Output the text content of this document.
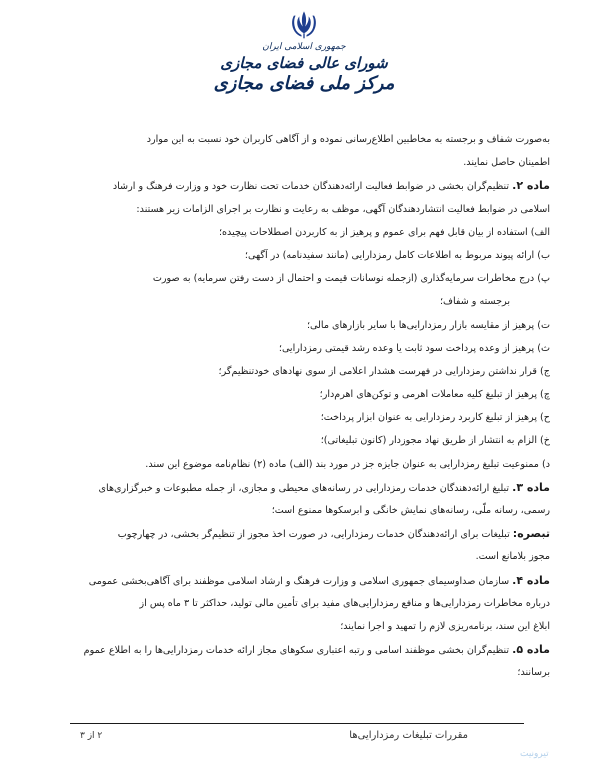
جمهوری اسلامی ایران
شورای عالی فضای مجازی
مرکز ملی فضای مجازی
به‌صورت شفاف و برجسته به مخاطبین اطلاع‌رسانی نموده و از آگاهی کاربران خود نسبت به این موارد
اطمینان حاصل نمایند.
ماده ۲. تنظیم‌گران بخشی در ضوابط فعالیت ارائه‌دهندگان خدمات تحت نظارت خود و وزارت فرهنگ و ارشاد
اسلامی در ضوابط فعالیت انتشاردهندگان آگهی، موظف به رعایت و نظارت بر اجرای الزامات زیر هستند:
الف) استفاده از بیان قابل فهم برای عموم و پرهیز از به کاربردن اصطلاحات پیچیده؛
ب) ارائه پیوند مربوط به اطلاعات کامل رمزدارایی (مانند سفیدنامه) در آگهی؛
پ) درج مخاطرات سرمایه‌گذاری (ازجمله نوسانات قیمت و احتمال از دست رفتن سرمایه) به صورت
برجسته و شفاف؛
ت) پرهیز از مقایسه بازار رمزدارایی‌ها با سایر بازارهای مالی؛
ث) پرهیز از وعده پرداخت سود ثابت یا وعده رشد قیمتی رمزدارایی؛
ج) قرار نداشتن رمزدارایی در فهرست هشدار اعلامی از سوی نهادهای خودتنظیم‌گر؛
چ) پرهیز از تبلیغ کلیه معاملات اهرمی و توکن‌های اهرم‌دار؛
ح) پرهیز از تبلیغ کاربرد رمزدارایی به عنوان ابزار پرداخت؛
خ) الزام به انتشار از طریق نهاد مجوزدار (کانون تبلیغاتی)؛
د) ممنوعیت تبلیغ رمزدارایی به عنوان جایزه جز در مورد بند (الف) ماده (۲) نظام‌نامه موضوع این سند.
ماده ۳. تبلیغ ارائه‌دهندگان خدمات رمزدارایی در رسانه‌های محیطی و مجازی، از جمله مطبوعات و خبرگزاری‌های
رسمی، رسانه ملّی، رسانه‌های نمایش خانگی و ابرسکوها ممنوع است؛
تبصره: تبلیغات برای ارائه‌دهندگان خدمات رمزدارایی، در صورت اخذ مجوز از تنظیم‌گر بخشی، در چهارچوب
مجوز بلامانع است.
ماده ۴. سازمان صداوسیمای جمهوری اسلامی و وزارت فرهنگ و ارشاد اسلامی موظفند برای آگاهی‌بخشی عمومی
درباره مخاطرات رمزدارایی‌ها و منافع رمزدارایی‌های مفید برای تأمین مالی تولید، حداکثر تا ۳ ماه پس از
ابلاغ این سند، برنامه‌ریزی لازم را تمهید و اجرا نمایند؛
ماده ۵. تنظیم‌گران بخشی موظفند اسامی و رتبه اعتباری سکوهای مجاز ارائه خدمات رمزدارایی‌ها را به اطلاع عموم
برسانند؛
مقررات تبلیغات رمزدارایی‌ها
۲ از ۳
تیرونیت
